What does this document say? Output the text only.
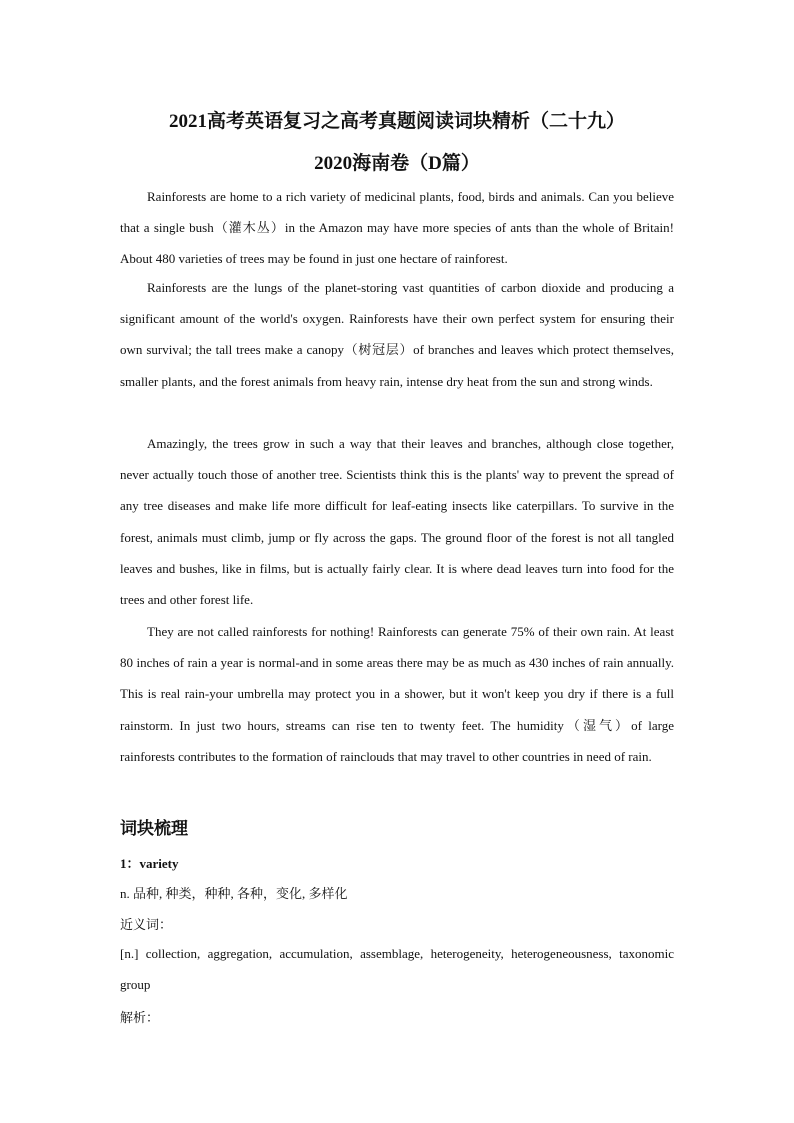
2021高考英语复习之高考真题阅读词块精析（二十九）
2020海南卷（D篇）

Rainforests are home to a rich variety of medicinal plants, food, birds and animals. Can you believe that a single bush（灌木丛）in the Amazon may have more species of ants than the whole of Britain! About 480 varieties of trees may be found in just one hectare of rainforest.

Rainforests are the lungs of the planet-storing vast quantities of carbon dioxide and producing a significant amount of the world's oxygen. Rainforests have their own perfect system for ensuring their own survival; the tall trees make a canopy（树冠层）of branches and leaves which protect themselves, smaller plants, and the forest animals from heavy rain, intense dry heat from the sun and strong winds.

Amazingly, the trees grow in such a way that their leaves and branches, although close together, never actually touch those of another tree. Scientists think this is the plants' way to prevent the spread of any tree diseases and make life more difficult for leaf-eating insects like caterpillars. To survive in the forest, animals must climb, jump or fly across the gaps. The ground floor of the forest is not all tangled leaves and bushes, like in films, but is actually fairly clear. It is where dead leaves turn into food for the trees and other forest life.

They are not called rainforests for nothing! Rainforests can generate 75% of their own rain. At least 80 inches of rain a year is normal-and in some areas there may be as much as 430 inches of rain annually. This is real rain-your umbrella may protect you in a shower, but it won't keep you dry if there is a full rainstorm. In just two hours, streams can rise ten to twenty feet. The humidity（湿气）of large rainforests contributes to the formation of rainclouds that may travel to other countries in need of rain.

词块梳理
1：variety
n. 品种, 种类，种种, 各种，变化, 多样化
近义词：
[n.] collection, aggregation, accumulation, assemblage, heterogeneity, heterogeneousness, taxonomic group
解析：
